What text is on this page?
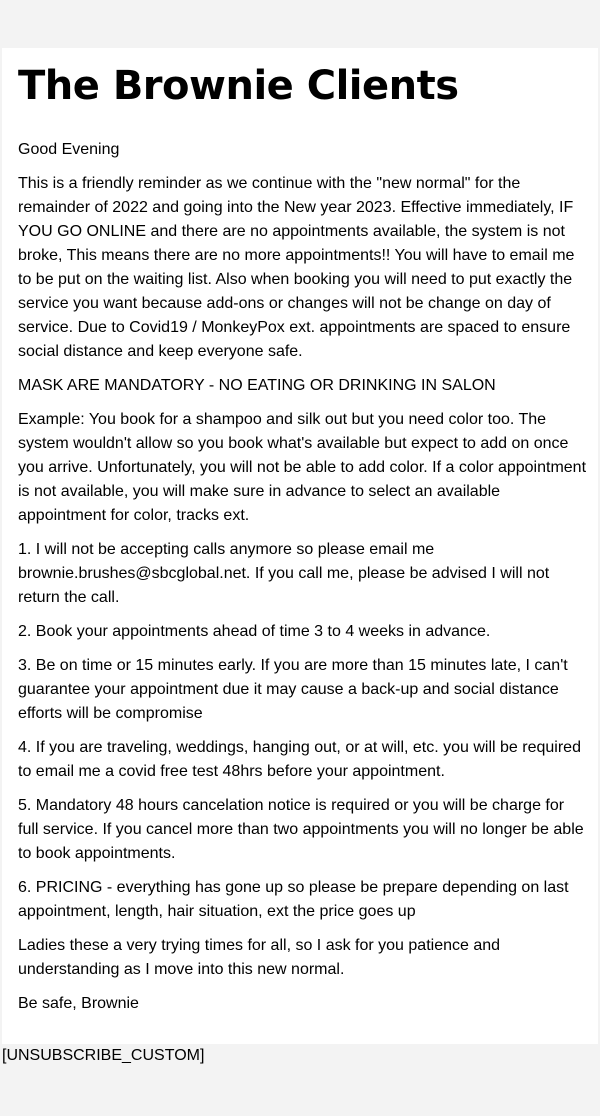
The Brownie Clients

Good Evening

This is a friendly reminder as we continue with the "new normal" for the remainder of 2022 and going into the New year 2023. Effective immediately, IF YOU GO ONLINE and there are no appointments available, the system is not broke, This means there are no more appointments!! You will have to email me to be put on the waiting list. Also when booking you will need to put exactly the service you want because add-ons or changes will not be change on day of service. Due to Covid19 / MonkeyPox ext. appointments are spaced to ensure social distance and keep everyone safe.

MASK ARE MANDATORY - NO EATING OR DRINKING IN SALON

Example: You book for a shampoo and silk out but you need color too. The system wouldn't allow so you book what's available but expect to add on once you arrive. Unfortunately, you will not be able to add color. If a color appointment is not available, you will make sure in advance to select an available appointment for color, tracks ext.

1. I will not be accepting calls anymore so please email me brownie.brushes@sbcglobal.net. If you call me, please be advised I will not return the call.

2. Book your appointments ahead of time 3 to 4 weeks in advance.

3. Be on time or 15 minutes early. If you are more than 15 minutes late, I can't guarantee your appointment due it may cause a back-up and social distance efforts will be compromise

4. If you are traveling, weddings, hanging out, or at will, etc. you will be required to email me a covid free test 48hrs before your appointment.

5. Mandatory 48 hours cancelation notice is required or you will be charge for full service. If you cancel more than two appointments you will no longer be able to book appointments.

6. PRICING - everything has gone up so please be prepare depending on last appointment, length, hair situation, ext the price goes up

Ladies these a very trying times for all, so I ask for you patience and understanding as I move into this new normal.

Be safe, Brownie

[UNSUBSCRIBE_CUSTOM]
